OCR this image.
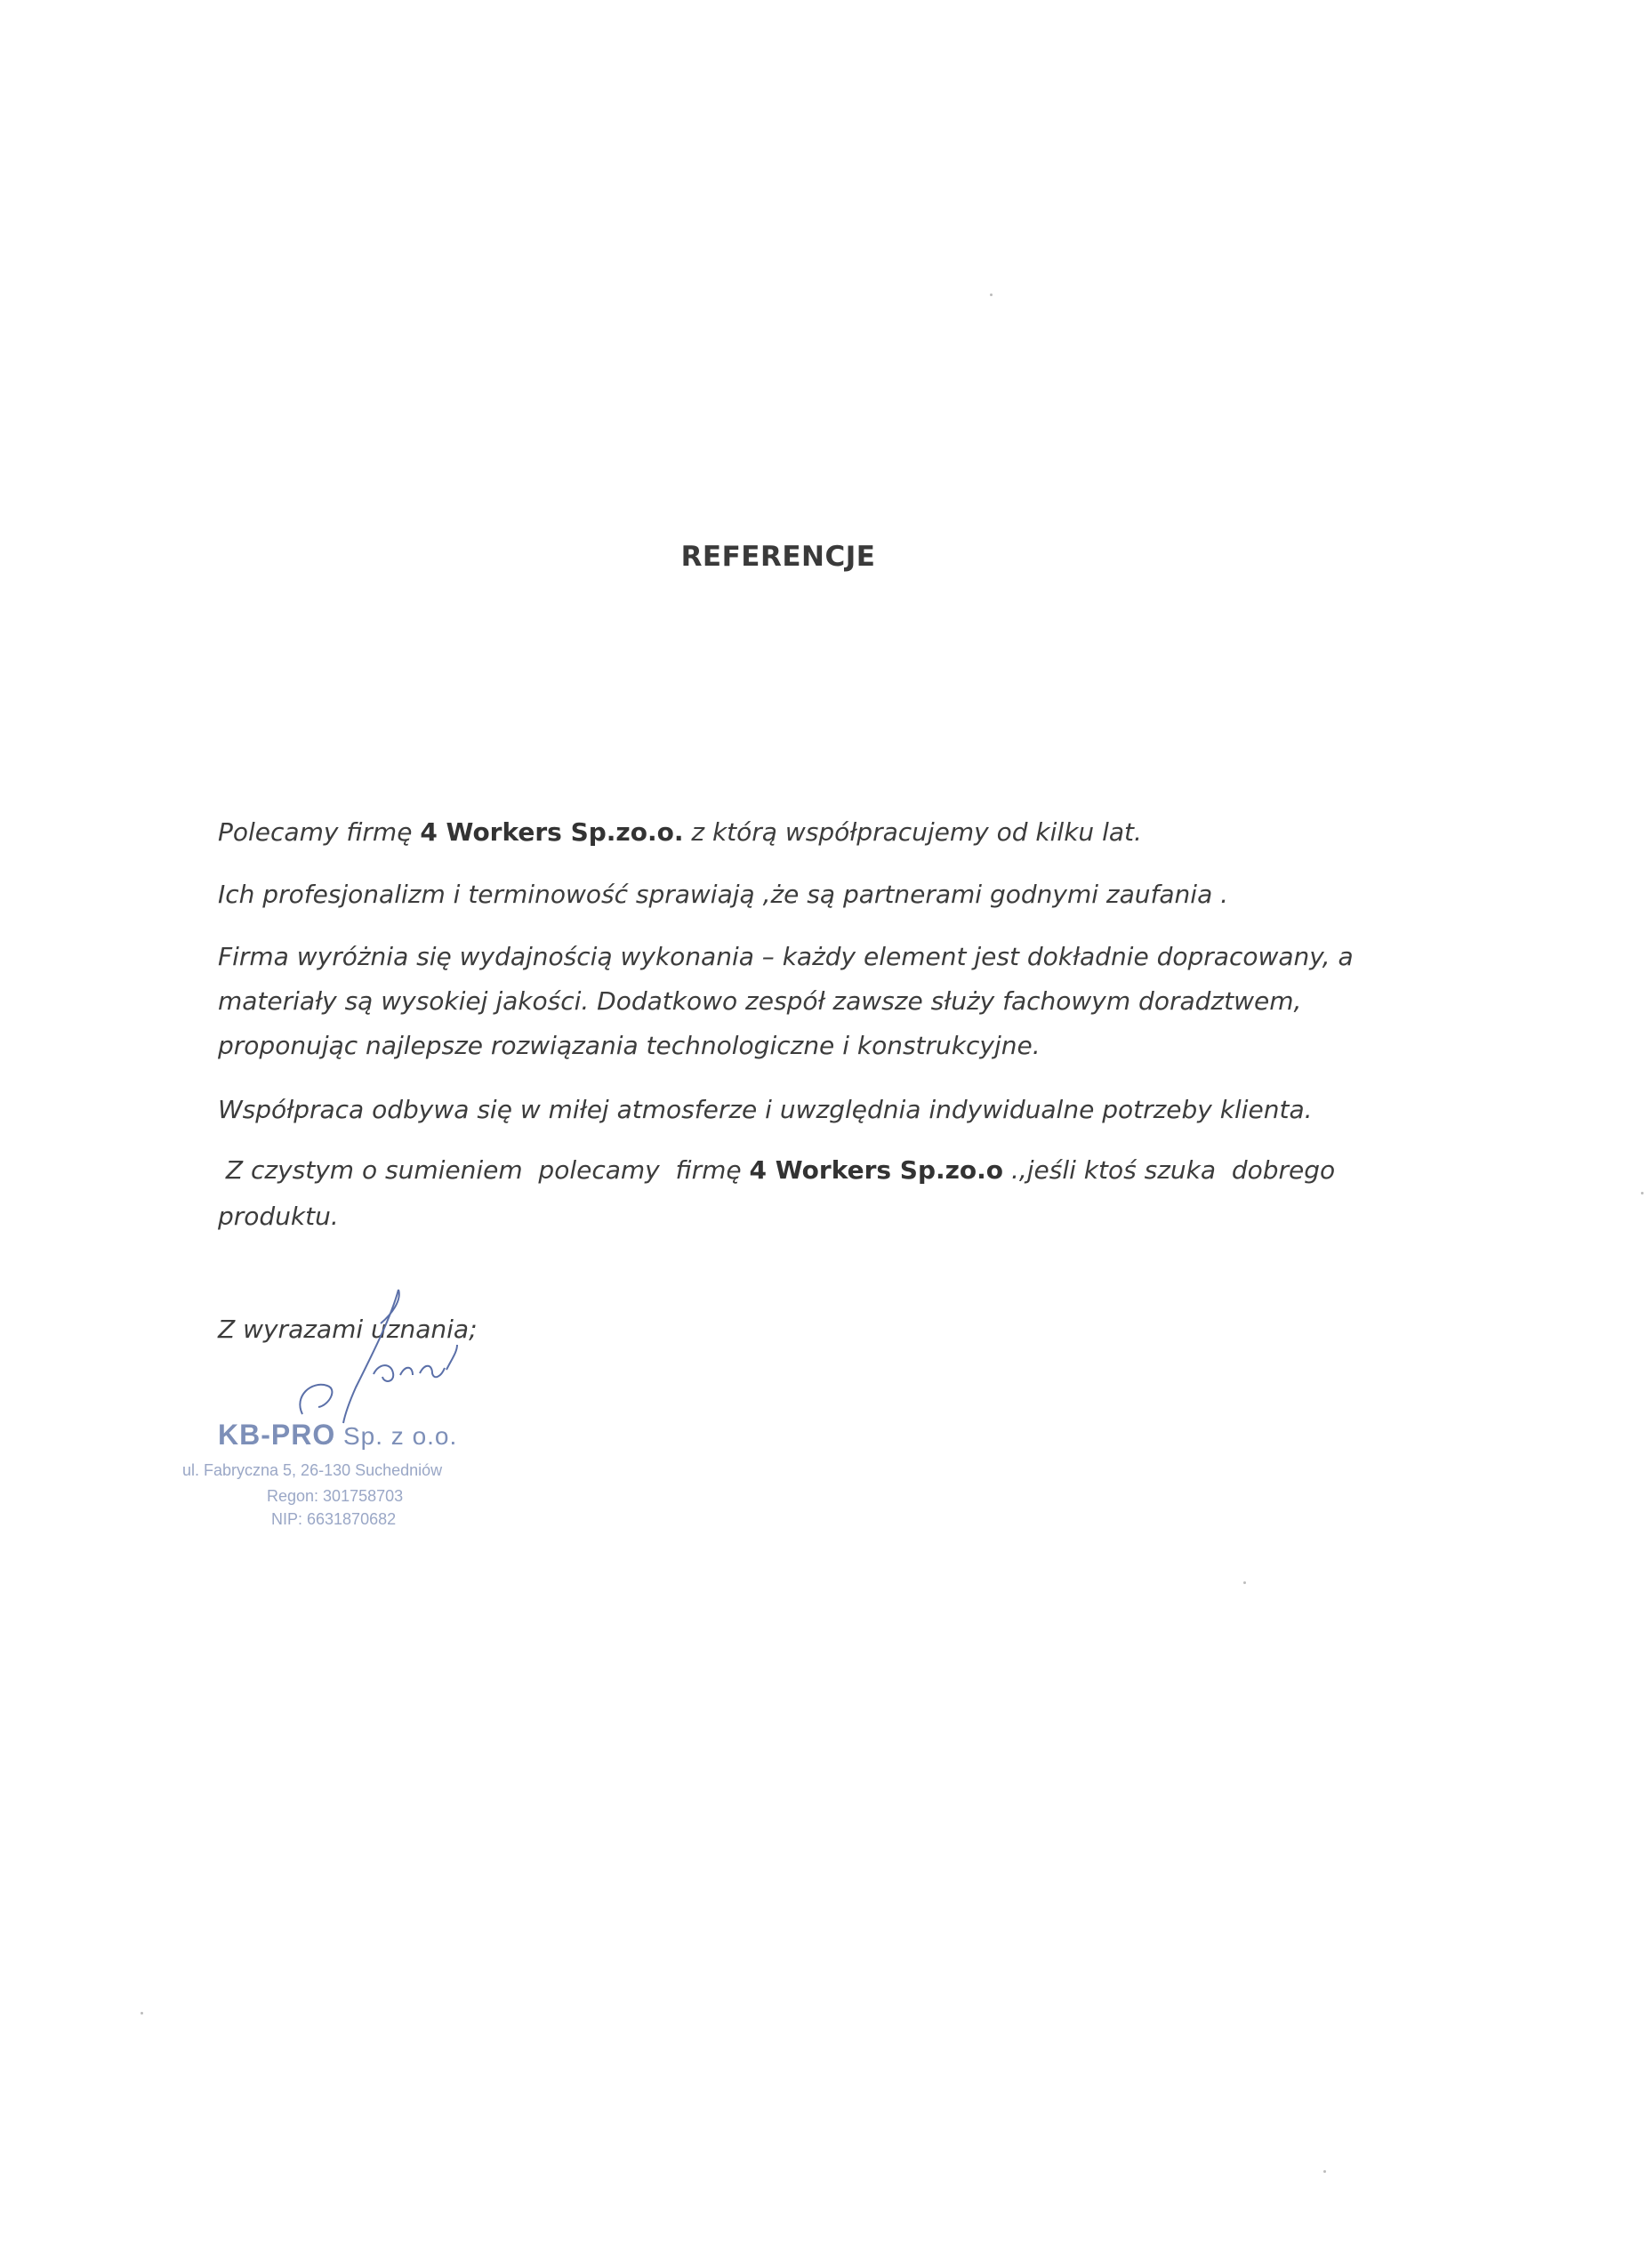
REFERENCJE

Polecamy firmę 4 Workers Sp.zo.o. z którą współpracujemy od kilku lat.

Ich profesjonalizm i terminowość sprawiają ,że są partnerami godnymi zaufania .

Firma wyróżnia się wydajnością wykonania – każdy element jest dokładnie dopracowany, a

materiały są wysokiej jakości. Dodatkowo zespół zawsze służy fachowym doradztwem,

proponując najlepsze rozwiązania technologiczne i konstrukcyjne.

Współpraca odbywa się w miłej atmosferze i uwzględnia indywidualne potrzeby klienta.

Z czystym o sumieniem  polecamy  firmę 4 Workers Sp.zo.o .,jeśli ktoś szuka  dobrego

produktu.

Z wyrazami uznania;
KB-PRO Sp. z o.o.
ul. Fabryczna 5, 26-130 Suchedniów
Regon: 301758703
NIP: 6631870682
